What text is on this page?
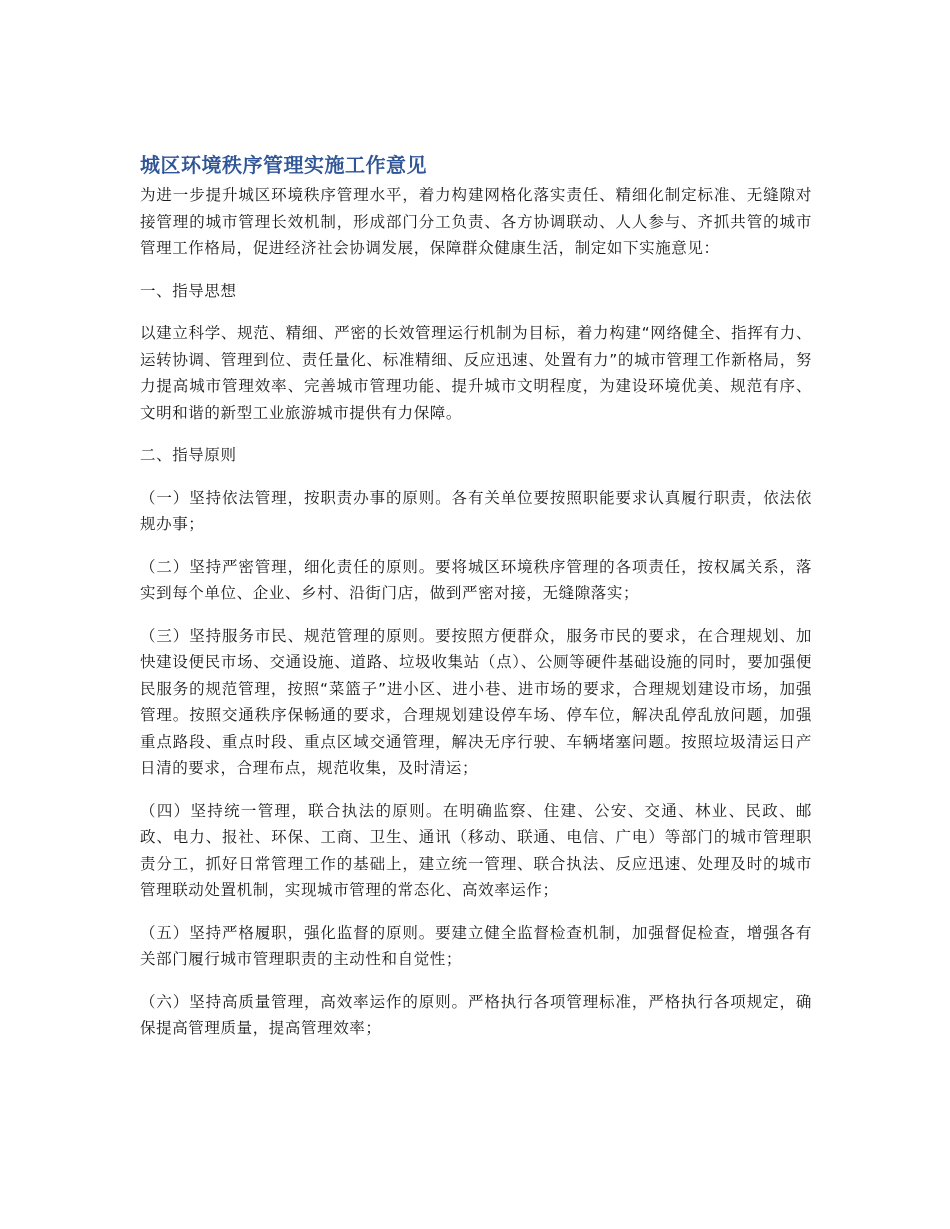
城区环境秩序管理实施工作意见

为进一步提升城区环境秩序管理水平，着力构建网格化落实责任、精细化制定标准、无缝隙对接管理的城市管理长效机制，形成部门分工负责、各方协调联动、人人参与、齐抓共管的城市管理工作格局，促进经济社会协调发展，保障群众健康生活，制定如下实施意见：

一、指导思想

以建立科学、规范、精细、严密的长效管理运行机制为目标，着力构建“网络健全、指挥有力、运转协调、管理到位、责任量化、标准精细、反应迅速、处置有力”的城市管理工作新格局，努力提高城市管理效率、完善城市管理功能、提升城市文明程度，为建设环境优美、规范有序、文明和谐的新型工业旅游城市提供有力保障。

二、指导原则

（一）坚持依法管理，按职责办事的原则。各有关单位要按照职能要求认真履行职责，依法依规办事；

（二）坚持严密管理，细化责任的原则。要将城区环境秩序管理的各项责任，按权属关系，落实到每个单位、企业、乡村、沿街门店，做到严密对接，无缝隙落实；

（三）坚持服务市民、规范管理的原则。要按照方便群众，服务市民的要求，在合理规划、加快建设便民市场、交通设施、道路、垃圾收集站（点）、公厕等硬件基础设施的同时，要加强便民服务的规范管理，按照“菜篮子”进小区、进小巷、进市场的要求，合理规划建设市场，加强管理。按照交通秩序保畅通的要求，合理规划建设停车场、停车位，解决乱停乱放问题，加强重点路段、重点时段、重点区域交通管理，解决无序行驶、车辆堵塞问题。按照垃圾清运日产日清的要求，合理布点，规范收集，及时清运；

（四）坚持统一管理，联合执法的原则。在明确监察、住建、公安、交通、林业、民政、邮政、电力、报社、环保、工商、卫生、通讯（移动、联通、电信、广电）等部门的城市管理职责分工，抓好日常管理工作的基础上，建立统一管理、联合执法、反应迅速、处理及时的城市管理联动处置机制，实现城市管理的常态化、高效率运作；

（五）坚持严格履职，强化监督的原则。要建立健全监督检查机制，加强督促检查，增强各有关部门履行城市管理职责的主动性和自觉性；

（六）坚持高质量管理，高效率运作的原则。严格执行各项管理标准，严格执行各项规定，确保提高管理质量，提高管理效率；
